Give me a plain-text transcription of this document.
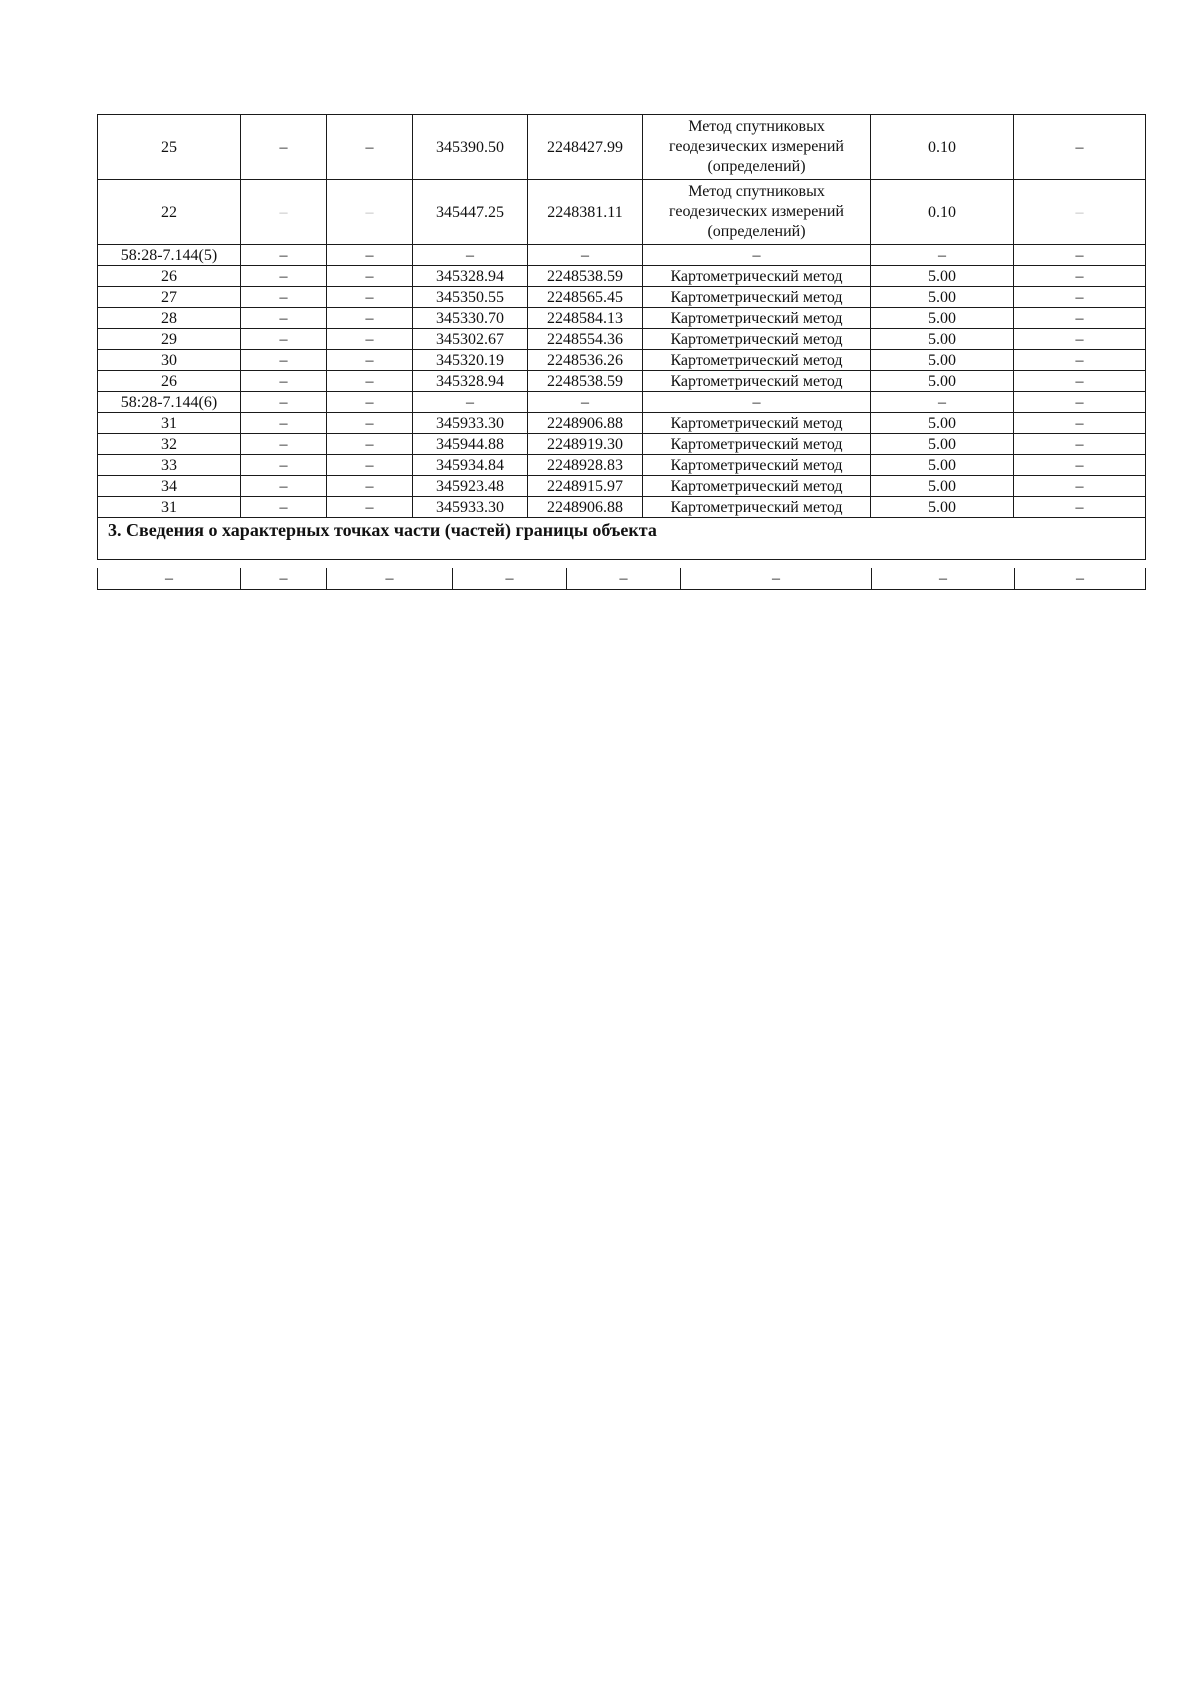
25	–	–	345390.50	2248427.99	Метод спутниковых геодезических измерений (определений)	0.10	–
22	–	–	345447.25	2248381.11	Метод спутниковых геодезических измерений (определений)	0.10	–
58:28-7.144(5)	–	–	–	–	–	–	–
26	–	–	345328.94	2248538.59	Картометрический метод	5.00	–
27	–	–	345350.55	2248565.45	Картометрический метод	5.00	–
28	–	–	345330.70	2248584.13	Картометрический метод	5.00	–
29	–	–	345302.67	2248554.36	Картометрический метод	5.00	–
30	–	–	345320.19	2248536.26	Картометрический метод	5.00	–
26	–	–	345328.94	2248538.59	Картометрический метод	5.00	–
58:28-7.144(6)	–	–	–	–	–	–	–
31	–	–	345933.30	2248906.88	Картометрический метод	5.00	–
32	–	–	345944.88	2248919.30	Картометрический метод	5.00	–
33	–	–	345934.84	2248928.83	Картометрический метод	5.00	–
34	–	–	345923.48	2248915.97	Картометрический метод	5.00	–
31	–	–	345933.30	2248906.88	Картометрический метод	5.00	–
3. Сведения о характерных точках части (частей) границы объекта							
–	–	–	–	–	–	–	–
